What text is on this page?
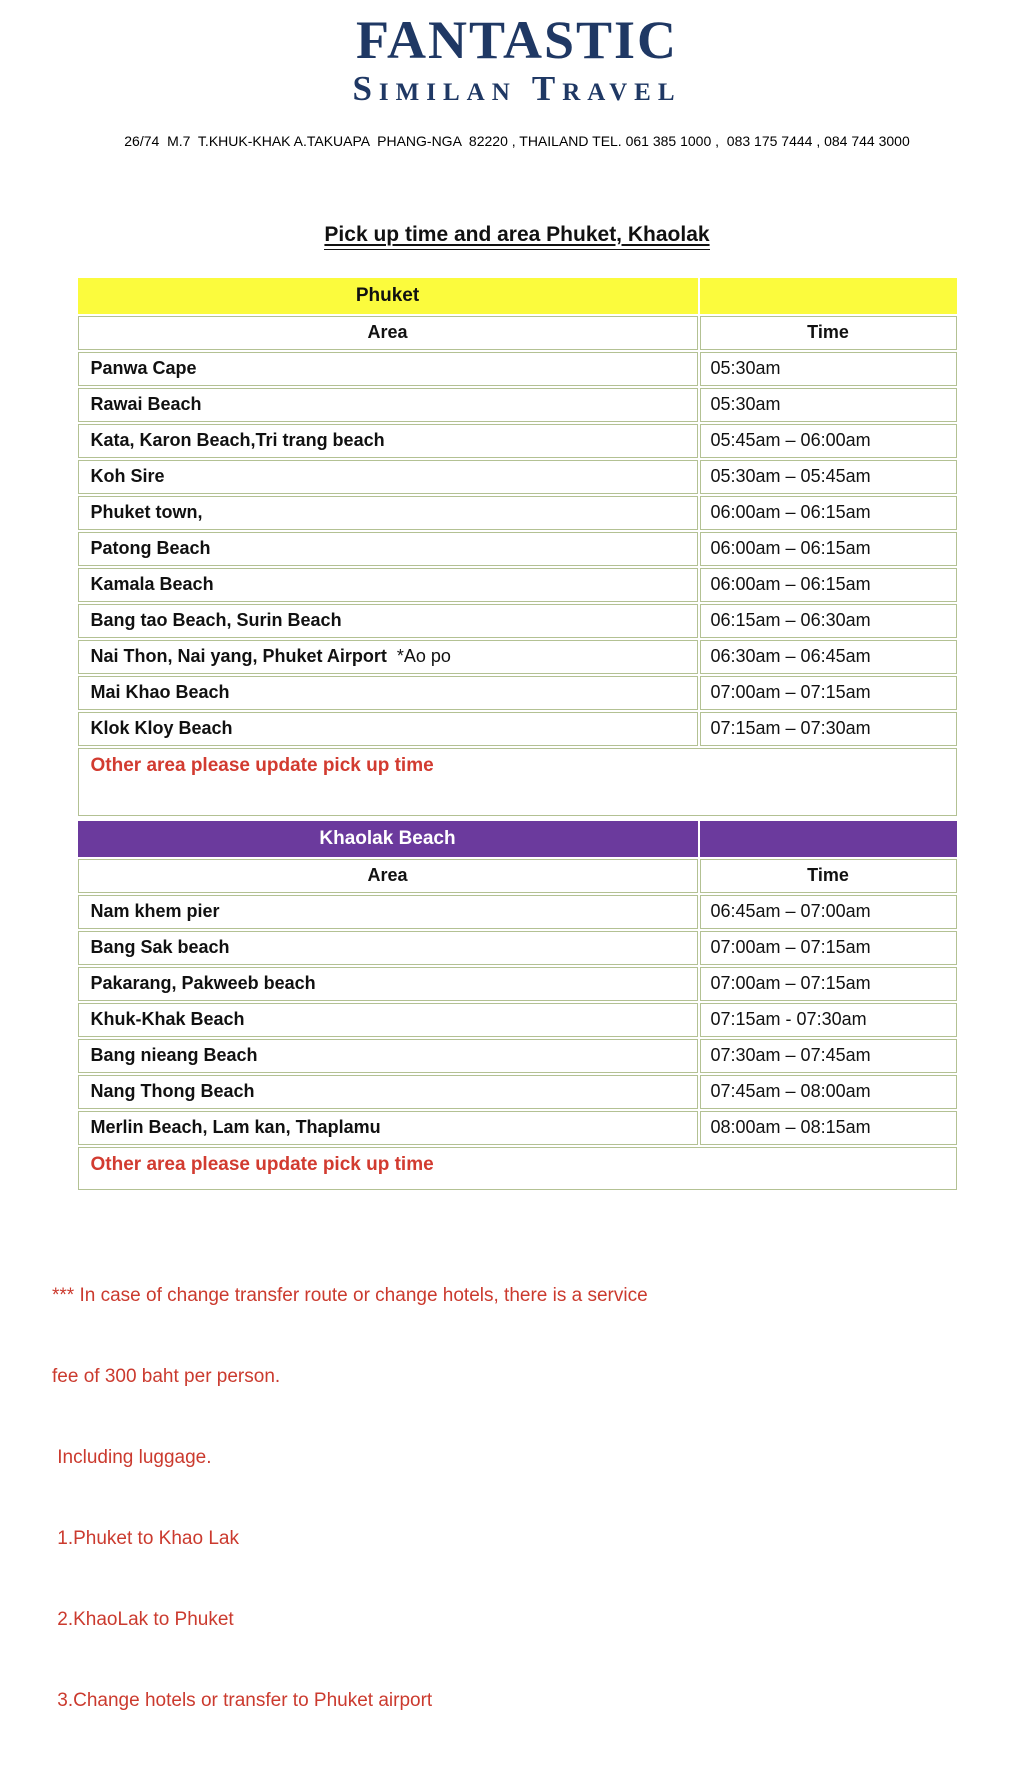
FANTASTIC
Similan Travel
26/74  M.7  T.KHUK-KHAK A.TAKUAPA  PHANG-NGA  82220 , THAILAND TEL. 061 385 1000 ,  083 175 7444 , 084 744 3000
Pick up time and area Phuket, Khaolak
Phuket
Area	Time
Panwa Cape	05:30am
Rawai Beach	05:30am
Kata, Karon Beach,Tri trang beach	05:45am – 06:00am
Koh Sire	05:30am – 05:45am
Phuket town,	06:00am – 06:15am
Patong Beach	06:00am – 06:15am
Kamala Beach	06:00am – 06:15am
Bang tao Beach, Surin Beach	06:15am – 06:30am
Nai Thon, Nai yang, Phuket Airport *Ao po	06:30am – 06:45am
Mai Khao Beach	07:00am – 07:15am
Klok Kloy Beach	07:15am – 07:30am
Other area please update pick up time
Khaolak Beach
Area	Time
Nam khem pier	06:45am – 07:00am
Bang Sak beach	07:00am – 07:15am
Pakarang, Pakweeb beach	07:00am – 07:15am
Khuk-Khak Beach	07:15am - 07:30am
Bang nieang Beach	07:30am – 07:45am
Nang Thong Beach	07:45am – 08:00am
Merlin Beach, Lam kan, Thaplamu	08:00am – 08:15am
Other area please update pick up time

*** In case of change transfer route or change hotels, there is a service

fee of 300 baht per person.

Including luggage.

1.Phuket to Khao Lak

2.KhaoLak to Phuket

3.Change hotels or transfer to Phuket airport
